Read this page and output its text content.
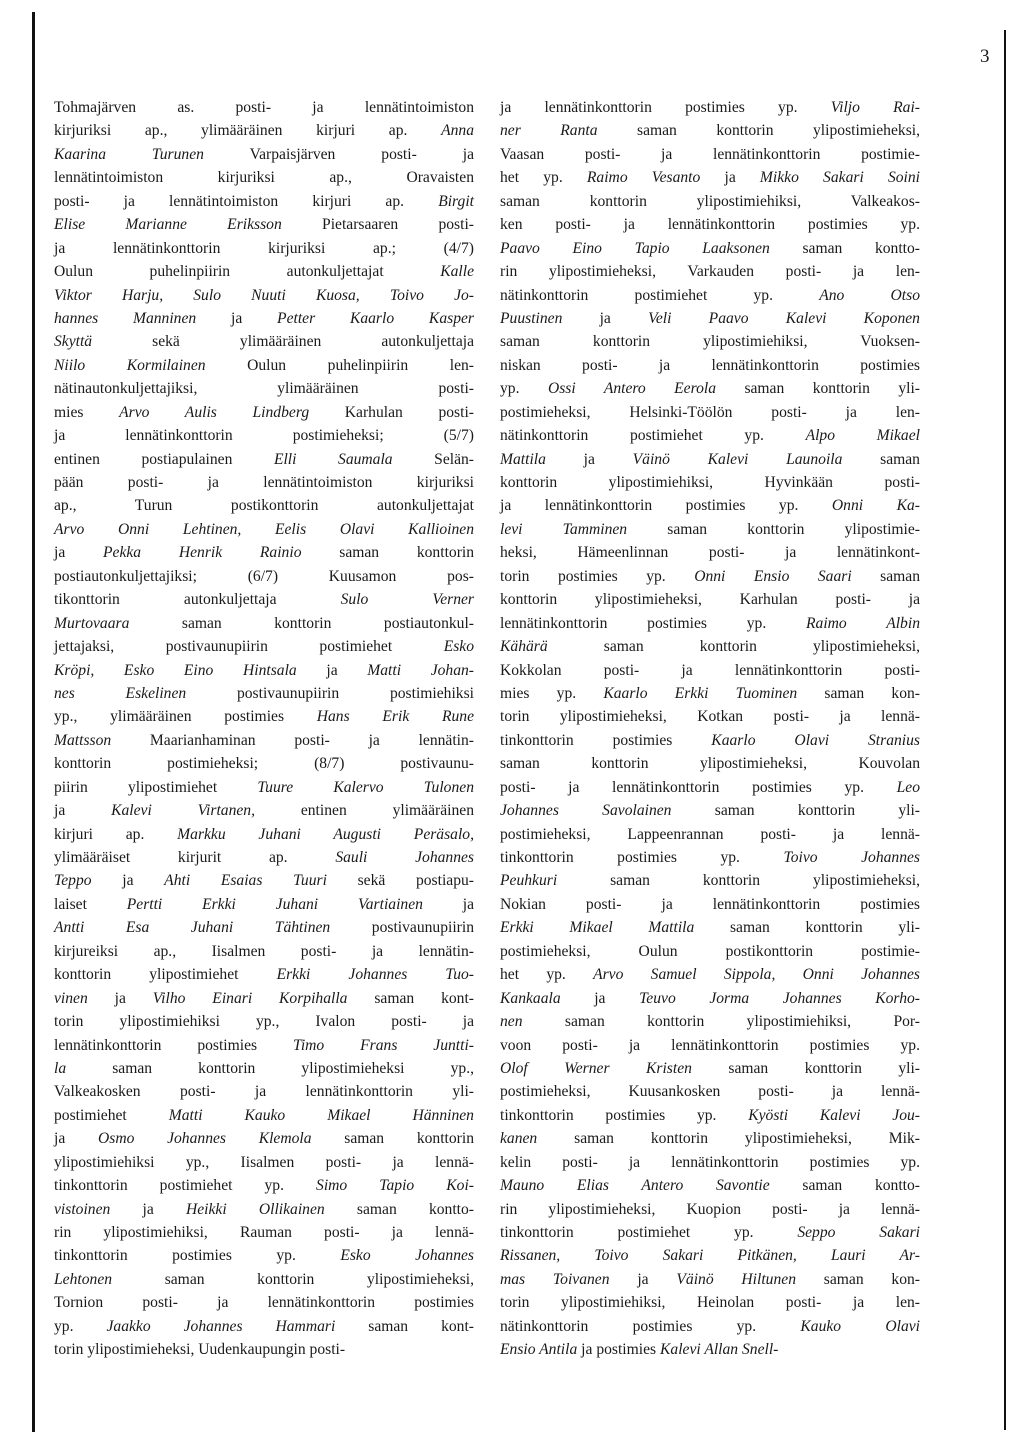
3
Tohmajärven as. posti- ja lennätintoimiston
kirjuriksi ap., ylimääräinen kirjuri ap. Anna
Kaarina Turunen Varpaisjärven posti- ja
lennätintoimiston kirjuriksi ap., Oravaisten
posti- ja lennätintoimiston kirjuri ap. Birgit
Elise Marianne Eriksson Pietarsaaren posti-
ja lennätinkonttorin kirjuriksi ap.; (4/7)
Oulun puhelinpiirin autonkuljettajat Kalle
Viktor Harju, Sulo Nuuti Kuosa, Toivo Jo-
hannes Manninen ja Petter Kaarlo Kasper
Skyttä sekä ylimääräinen autonkuljettaja
Niilo Kormilainen Oulun puhelinpiirin len-
nätinautonkuljettajiksi, ylimääräinen posti-
mies Arvo Aulis Lindberg Karhulan posti-
ja lennätinkonttorin postimieheksi; (5/7)
entinen postiapulainen Elli Saumala Selän-
pään posti- ja lennätintoimiston kirjuriksi
ap., Turun postikonttorin autonkuljettajat
Arvo Onni Lehtinen, Eelis Olavi Kallioinen
ja Pekka Henrik Rainio saman konttorin
postiautonkuljettajiksi; (6/7) Kuusamon pos-
tikonttorin autonkuljettaja Sulo Verner
Murtovaara saman konttorin postiautonkul-
jettajaksi, postivaunupiirin postimiehet Esko
Kröpi, Esko Eino Hintsala ja Matti Johan-
nes Eskelinen postivaunupiirin postimiehiksi
yp., ylimääräinen postimies Hans Erik Rune
Mattsson Maarianhaminan posti- ja lennätin-
konttorin postimieheksi; (8/7) postivaunu-
piirin ylipostimiehet Tuure Kalervo Tulonen
ja Kalevi Virtanen, entinen ylimääräinen
kirjuri ap. Markku Juhani Augusti Peräsalo,
ylimääräiset kirjurit ap. Sauli Johannes
Teppo ja Ahti Esaias Tuuri sekä postiapu-
laiset Pertti Erkki Juhani Vartiainen ja
Antti Esa Juhani Tähtinen postivaunupiirin
kirjureiksi ap., Iisalmen posti- ja lennätin-
konttorin ylipostimiehet Erkki Johannes Tuo-
vinen ja Vilho Einari Korpihalla saman kont-
torin ylipostimiehiksi yp., Ivalon posti- ja
lennätinkonttorin postimies Timo Frans Juntti-
la saman konttorin ylipostimieheksi yp.,
Valkeakosken posti- ja lennätinkonttorin yli-
postimiehet Matti Kauko Mikael Hänninen
ja Osmo Johannes Klemola saman konttorin
ylipostimiehiksi yp., Iisalmen posti- ja lennä-
tinkonttorin postimiehet yp. Simo Tapio Koi-
vistoinen ja Heikki Ollikainen saman kontto-
rin ylipostimiehiksi, Rauman posti- ja lennä-
tinkonttorin postimies yp. Esko Johannes
Lehtonen saman konttorin ylipostimieheksi,
Tornion posti- ja lennätinkonttorin postimies
yp. Jaakko Johannes Hammari saman kont-
torin ylipostimieheksi, Uudenkaupungin posti-
ja lennätinkonttorin postimies yp. Viljo Rai-
ner Ranta saman konttorin ylipostimieheksi,
Vaasan posti- ja lennätinkonttorin postimie-
het yp. Raimo Vesanto ja Mikko Sakari Soini
saman konttorin ylipostimiehiksi, Valkeakos-
ken posti- ja lennätinkonttorin postimies yp.
Paavo Eino Tapio Laaksonen saman kontto-
rin ylipostimieheksi, Varkauden posti- ja len-
nätinkonttorin postimiehet yp. Ano Otso
Puustinen ja Veli Paavo Kalevi Koponen
saman konttorin ylipostimiehiksi, Vuoksen-
niskan posti- ja lennätinkonttorin postimies
yp. Ossi Antero Eerola saman konttorin yli-
postimieheksi, Helsinki-Töölön posti- ja len-
nätinkonttorin postimiehet yp. Alpo Mikael
Mattila ja Väinö Kalevi Launoila saman
konttorin ylipostimiehiksi, Hyvinkään posti-
ja lennätinkonttorin postimies yp. Onni Ka-
levi Tamminen saman konttorin ylipostimie-
heksi, Hämeenlinnan posti- ja lennätinkont-
torin postimies yp. Onni Ensio Saari saman
konttorin ylipostimieheksi, Karhulan posti- ja
lennätinkonttorin postimies yp. Raimo Albin
Kähärä saman konttorin ylipostimieheksi,
Kokkolan posti- ja lennätinkonttorin posti-
mies yp. Kaarlo Erkki Tuominen saman kon-
torin ylipostimieheksi, Kotkan posti- ja lennä-
tinkonttorin postimies Kaarlo Olavi Stranius
saman konttorin ylipostimieheksi, Kouvolan
posti- ja lennätinkonttorin postimies yp. Leo
Johannes Savolainen saman konttorin yli-
postimieheksi, Lappeenrannan posti- ja lennä-
tinkonttorin postimies yp. Toivo Johannes
Peuhkuri saman konttorin ylipostimieheksi,
Nokian posti- ja lennätinkonttorin postimies
Erkki Mikael Mattila saman konttorin yli-
postimieheksi, Oulun postikonttorin postimie-
het yp. Arvo Samuel Sippola, Onni Johannes
Kankaala ja Teuvo Jorma Johannes Korho-
nen saman konttorin ylipostimiehiksi, Por-
voon posti- ja lennätinkonttorin postimies yp.
Olof Werner Kristen saman konttorin yli-
postimieheksi, Kuusankosken posti- ja lennä-
tinkonttorin postimies yp. Kyösti Kalevi Jou-
kanen saman konttorin ylipostimieheksi, Mik-
kelin posti- ja lennätinkonttorin postimies yp.
Mauno Elias Antero Savontie saman kontto-
rin ylipostimieheksi, Kuopion posti- ja lennä-
tinkonttorin postimiehet yp. Seppo Sakari
Rissanen, Toivo Sakari Pitkänen, Lauri Ar-
mas Toivanen ja Väinö Hiltunen saman kon-
torin ylipostimiehiksi, Heinolan posti- ja len-
nätinkonttorin postimies yp. Kauko Olavi
Ensio Antila ja postimies Kalevi Allan Snell-
